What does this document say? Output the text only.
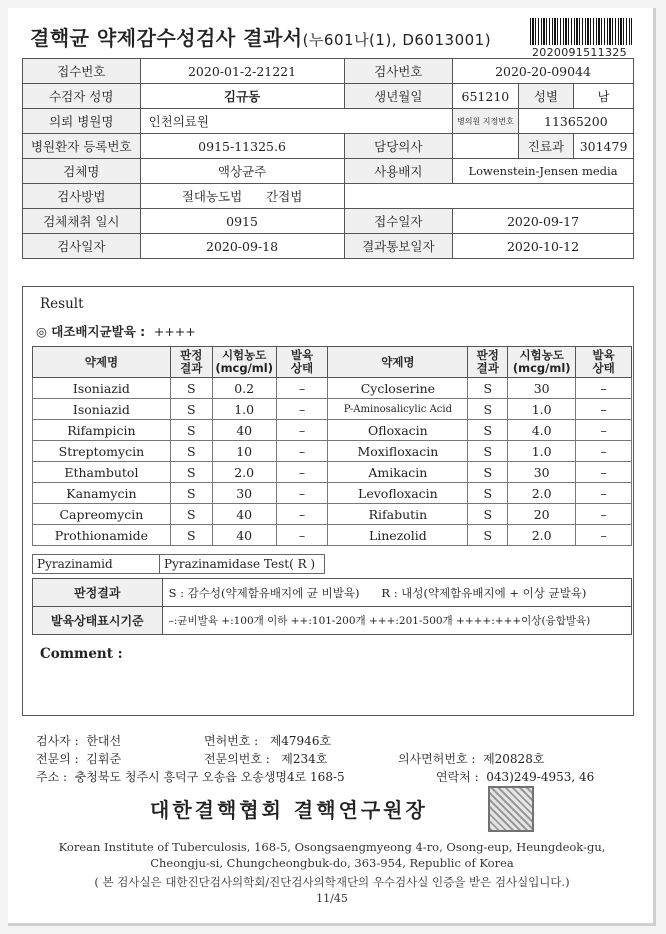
결핵균 약제감수성검사 결과서(누601나(1), D6013001)
2020091511325
접수번호	2020-01-2-21221	검사번호	2020-20-09044		
수검자 성명	김규동	생년월일	651210	성별	남
의뢰 병원명	인천의료원		병의원 지정번호	11365200	
병원환자 등록번호	0915-11325.6	담당의사		진료과	301479
검체명	액상균주	사용배지	Lowenstein-Jensen media		
검사방법	절대농도법 간접법				
검체채취 일시	0915	접수일자	2020-09-17		
검사일자	2020-09-18	결과통보일자	2020-10-12		
Result
◎ 대조배지균발육 : ++++
약제명	판정
결과	시험농도
(mcg/ml)	발육
상태	약제명	판정
결과	시험농도
(mcg/ml)	발육
상태
Isoniazid	S	0.2	–	Cycloserine	S	30	–
Isoniazid	S	1.0	–	P-Aminosalicylic Acid	S	1.0	–
Rifampicin	S	40	–	Ofloxacin	S	4.0	–
Streptomycin	S	10	–	Moxifloxacin	S	1.0	–
Ethambutol	S	2.0	–	Amikacin	S	30	–
Kanamycin	S	30	–	Levofloxacin	S	2.0	–
Capreomycin	S	40	–	Rifabutin	S	20	–
Prothionamide	S	40	–	Linezolid	S	2.0	–
Pyrazinamid	Pyrazinamidase Test( R )
판정결과	S : 감수성(약제함유배지에 균 비발육) R : 내성(약제함유배지에 + 이상 균발육)
발육상태표시기준	–:균비발육 +:100개 이하 ++:101-200개 +++:201-500개 ++++:+++이상(융합발육)
Comment :
검사자 : 한대선	면허번호 : 제47946호
전문의 : 김휘준	전문의번호 : 제234호	의사면허번호 : 제20828호
주소 : 충청북도 청주시 흥덕구 오송읍 오송생명4로 168-5	연락처 : 043)249-4953, 46
대한결핵협회 결핵연구원장
Korean Institute of Tuberculosis, 168-5, Osongsaengmyeong 4-ro, Osong-eup, Heungdeok-gu,
Cheongju-si, Chungcheongbuk-do, 363-954, Republic of Korea
( 본 검사실은 대한진단검사의학회/진단검사의학재단의 우수검사실 인증을 받은 검사실입니다.)
11/45
